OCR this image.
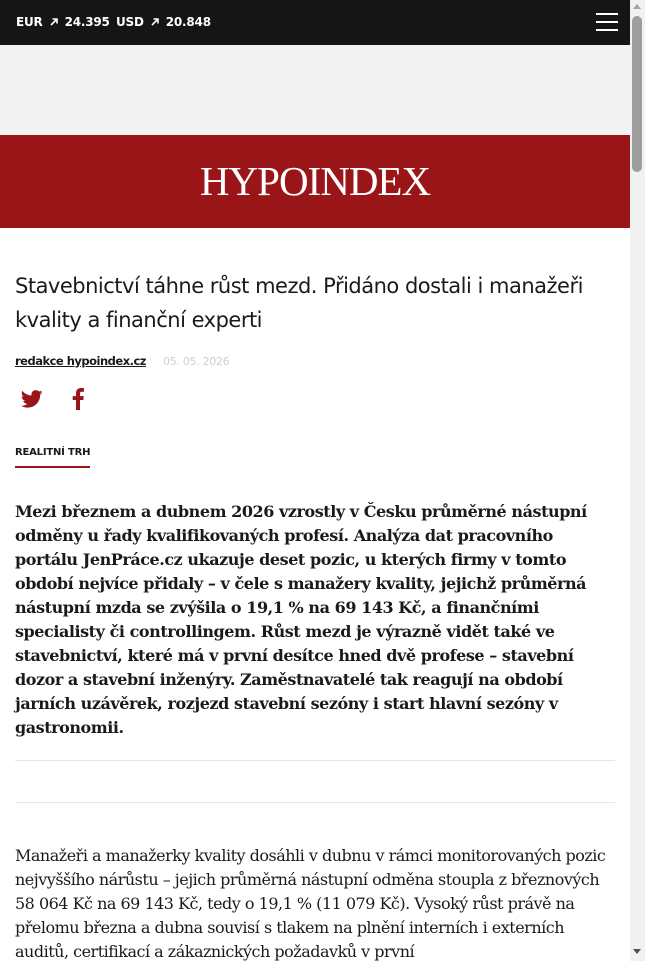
EUR 24.395 USD 20.848
HYPOINDEX
Stavebnictví táhne růst mezd. Přidáno dostali i manažeři kvality a finanční experti
redakce hypoindex.cz 05. 05. 2026
REALITNÍ TRH

Mezi březnem a dubnem 2026 vzrostly v Česku průměrné nástupní odměny u řady kvalifikovaných profesí. Analýza dat pracovního portálu JenPráce.cz ukazuje deset pozic, u kterých firmy v tomto období nejvíce přidaly – v čele s manažery kvality, jejichž průměrná nástupní mzda se zvýšila o 19,1 % na 69 143 Kč, a finančními specialisty či controllingem. Růst mezd je výrazně vidět také ve stavebnictví, které má v první desítce hned dvě profese – stavební dozor a stavební inženýry. Zaměstnavatelé tak reagují na období jarních uzávěrek, rozjezd stavební sezóny i start hlavní sezóny v gastronomii.

Manažeři a manažerky kvality dosáhli v dubnu v rámci monitorovaných pozic nejvyššího nárůstu – jejich průměrná nástupní odměna stoupla z březnových 58 064 Kč na 69 143 Kč, tedy o 19,1 % (11 079 Kč). Vysoký růst právě na přelomu března a dubna souvisí s tlakem na plnění interních i externích auditů, certifikací a zákaznických požadavků v první
